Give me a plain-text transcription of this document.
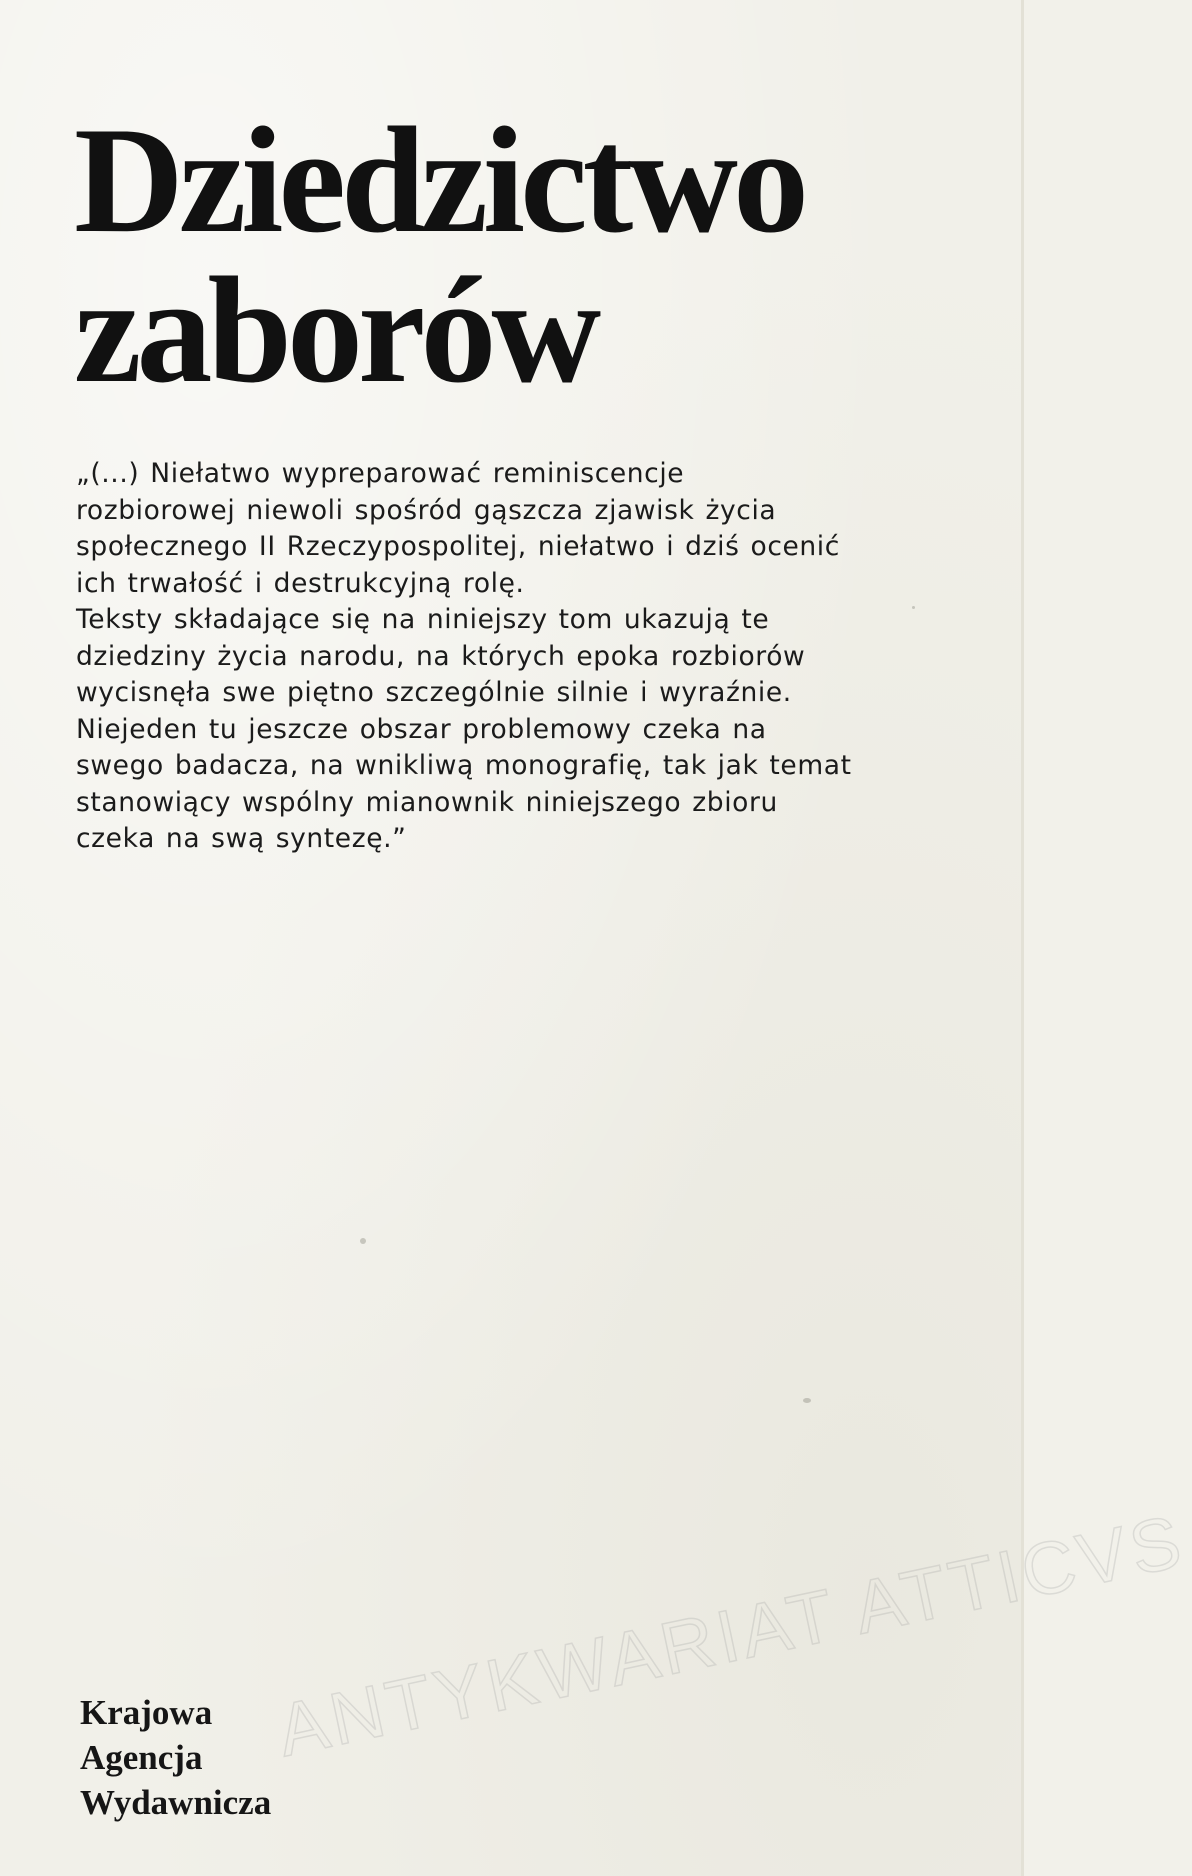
Dziedzictwo
zaborów
„(...) Niełatwo wypreparować reminiscencje
rozbiorowej niewoli spośród gąszcza zjawisk życia
społecznego II Rzeczypospolitej, niełatwo i dziś ocenić
ich trwałość i destrukcyjną rolę.
Teksty składające się na niniejszy tom ukazują te
dziedziny życia narodu, na których epoka rozbiorów
wycisnęła swe piętno szczególnie silnie i wyraźnie.
Niejeden tu jeszcze obszar problemowy czeka na
swego badacza, na wnikliwą monografię, tak jak temat
stanowiący wspólny mianownik niniejszego zbioru
czeka na swą syntezę.”
ANTYKWARIAT ATTICVS
Krajowa
Agencja
Wydawnicza
